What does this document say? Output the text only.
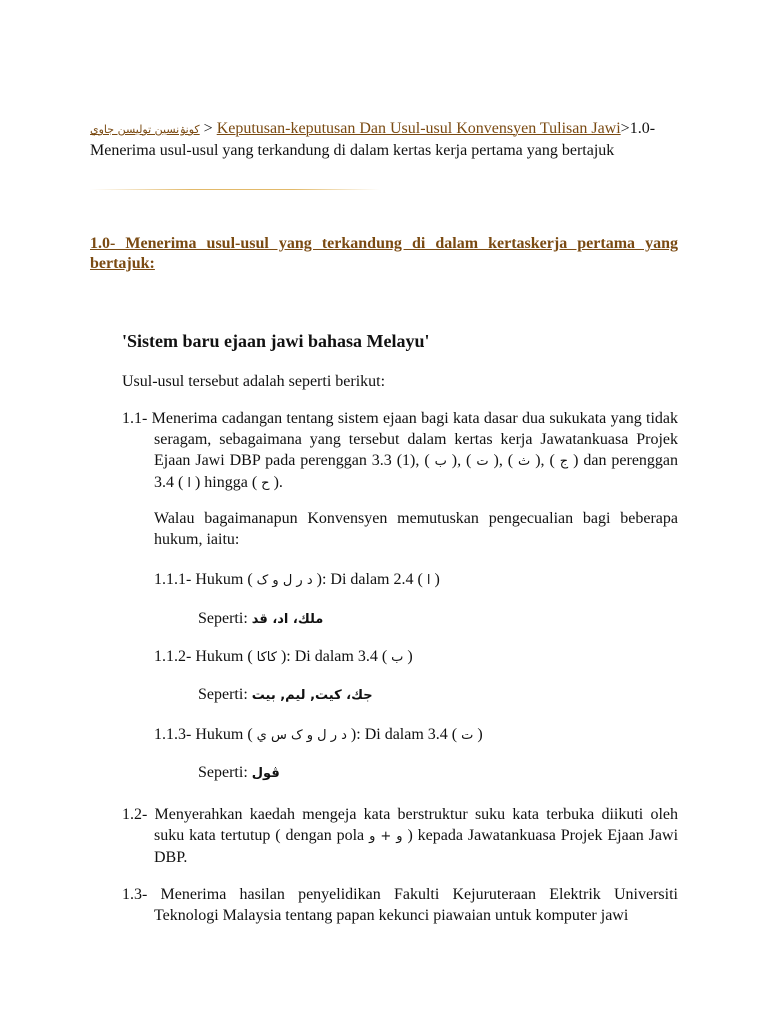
کونۏنسين تولیسن جاوي > Keputusan-keputusan Dan Usul-usul Konvensyen Tulisan Jawi>1.0- Menerima usul-usul yang terkandung di dalam kertas kerja pertama yang bertajuk
1.0- Menerima usul-usul yang terkandung di dalam kertaskerja pertama yang bertajuk:
'Sistem baru ejaan jawi bahasa Melayu'
Usul-usul tersebut adalah seperti berikut:
1.1- Menerima cadangan tentang sistem ejaan bagi kata dasar dua sukukata yang tidak seragam, sebagaimana yang tersebut dalam kertas kerja Jawatankuasa Projek Ejaan Jawi DBP pada perenggan 3.3 (1), ( ب ), ( ت ), ( ث ), ( ج ) dan perenggan 3.4 ( ا ) hingga ( ح ).
Walau bagaimanapun Konvensyen memutuskan pengecualian bagi beberapa hukum, iaitu:
1.1.1- Hukum ( د ر ل و ک ): Di dalam 2.4 ( ا )
Seperti: ملك، اد، قد
1.1.2- Hukum ( کاکا ): Di dalam 3.4 ( ب )
Seperti: جك، كيت, ليم, بيت
1.1.3- Hukum ( د ر ل و ک س ي ): Di dalam 3.4 ( ت )
Seperti: ڤول
1.2- Menyerahkan kaedah mengeja kata berstruktur suku kata terbuka diikuti oleh suku kata tertutup ( dengan pola و + و ) kepada Jawatankuasa Projek Ejaan Jawi DBP.
1.3- Menerima hasilan penyelidikan Fakulti Kejuruteraan Elektrik Universiti Teknologi Malaysia tentang papan kekunci piawaian untuk komputer jawi
